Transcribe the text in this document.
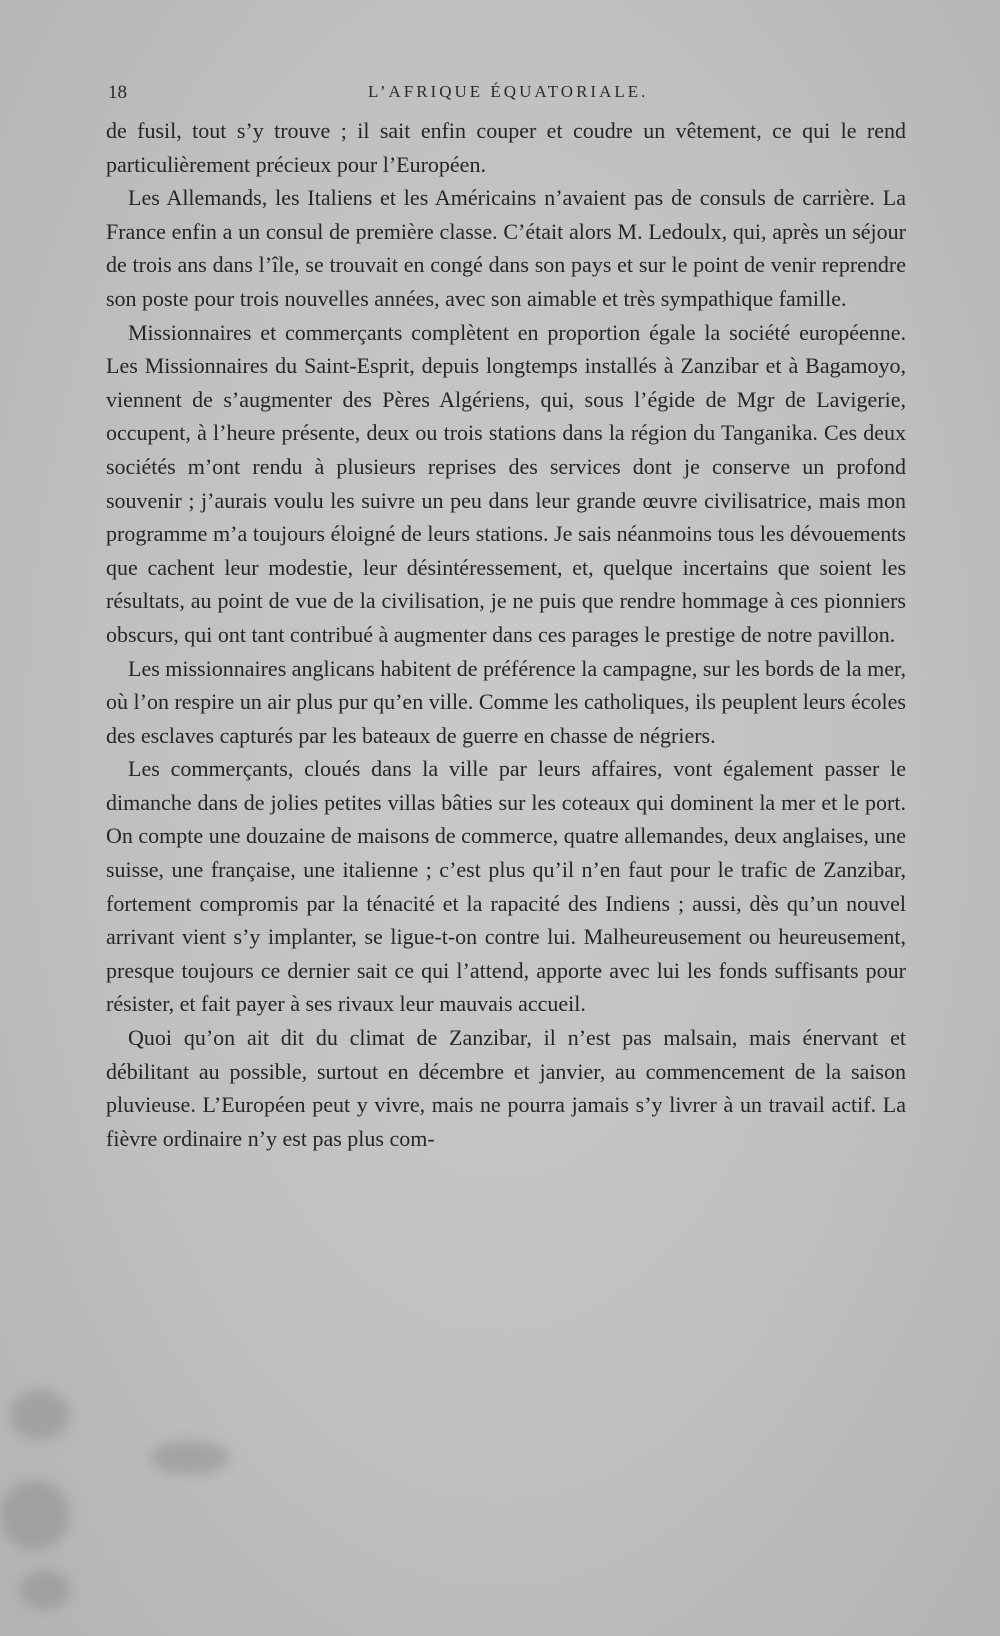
18	L’AFRIQUE ÉQUATORIALE.

de fusil, tout s’y trouve ; il sait enfin couper et coudre un vêtement, ce qui le rend particulièrement précieux pour l’Européen.

Les Allemands, les Italiens et les Américains n’avaient pas de consuls de carrière. La France enfin a un consul de première classe. C’était alors M. Ledoulx, qui, après un séjour de trois ans dans l’île, se trouvait en congé dans son pays et sur le point de venir reprendre son poste pour trois nouvelles années, avec son aimable et très sympathique famille.

Missionnaires et commerçants complètent en proportion égale la société européenne. Les Missionnaires du Saint-Esprit, depuis longtemps installés à Zanzibar et à Bagamoyo, viennent de s’augmenter des Pères Algériens, qui, sous l’égide de Mgr de Lavigerie, occupent, à l’heure présente, deux ou trois stations dans la région du Tanganika. Ces deux sociétés m’ont rendu à plusieurs reprises des services dont je conserve un profond souvenir ; j’aurais voulu les suivre un peu dans leur grande œuvre civilisatrice, mais mon programme m’a toujours éloigné de leurs stations. Je sais néanmoins tous les dévouements que cachent leur modestie, leur désintéressement, et, quelque incertains que soient les résultats, au point de vue de la civilisation, je ne puis que rendre hommage à ces pionniers obscurs, qui ont tant contribué à augmenter dans ces parages le prestige de notre pavillon.

Les missionnaires anglicans habitent de préférence la campagne, sur les bords de la mer, où l’on respire un air plus pur qu’en ville. Comme les catholiques, ils peuplent leurs écoles des esclaves capturés par les bateaux de guerre en chasse de négriers.

Les commerçants, cloués dans la ville par leurs affaires, vont également passer le dimanche dans de jolies petites villas bâties sur les coteaux qui dominent la mer et le port. On compte une douzaine de maisons de commerce, quatre allemandes, deux anglaises, une suisse, une française, une italienne ; c’est plus qu’il n’en faut pour le trafic de Zanzibar, fortement compromis par la ténacité et la rapacité des Indiens ; aussi, dès qu’un nouvel arrivant vient s’y implanter, se ligue-t-on contre lui. Malheureusement ou heureusement, presque toujours ce dernier sait ce qui l’attend, apporte avec lui les fonds suffisants pour résister, et fait payer à ses rivaux leur mauvais accueil.

Quoi qu’on ait dit du climat de Zanzibar, il n’est pas malsain, mais énervant et débilitant au possible, surtout en décembre et janvier, au commencement de la saison pluvieuse. L’Européen peut y vivre, mais ne pourra jamais s’y livrer à un travail actif. La fièvre ordinaire n’y est pas plus com-
